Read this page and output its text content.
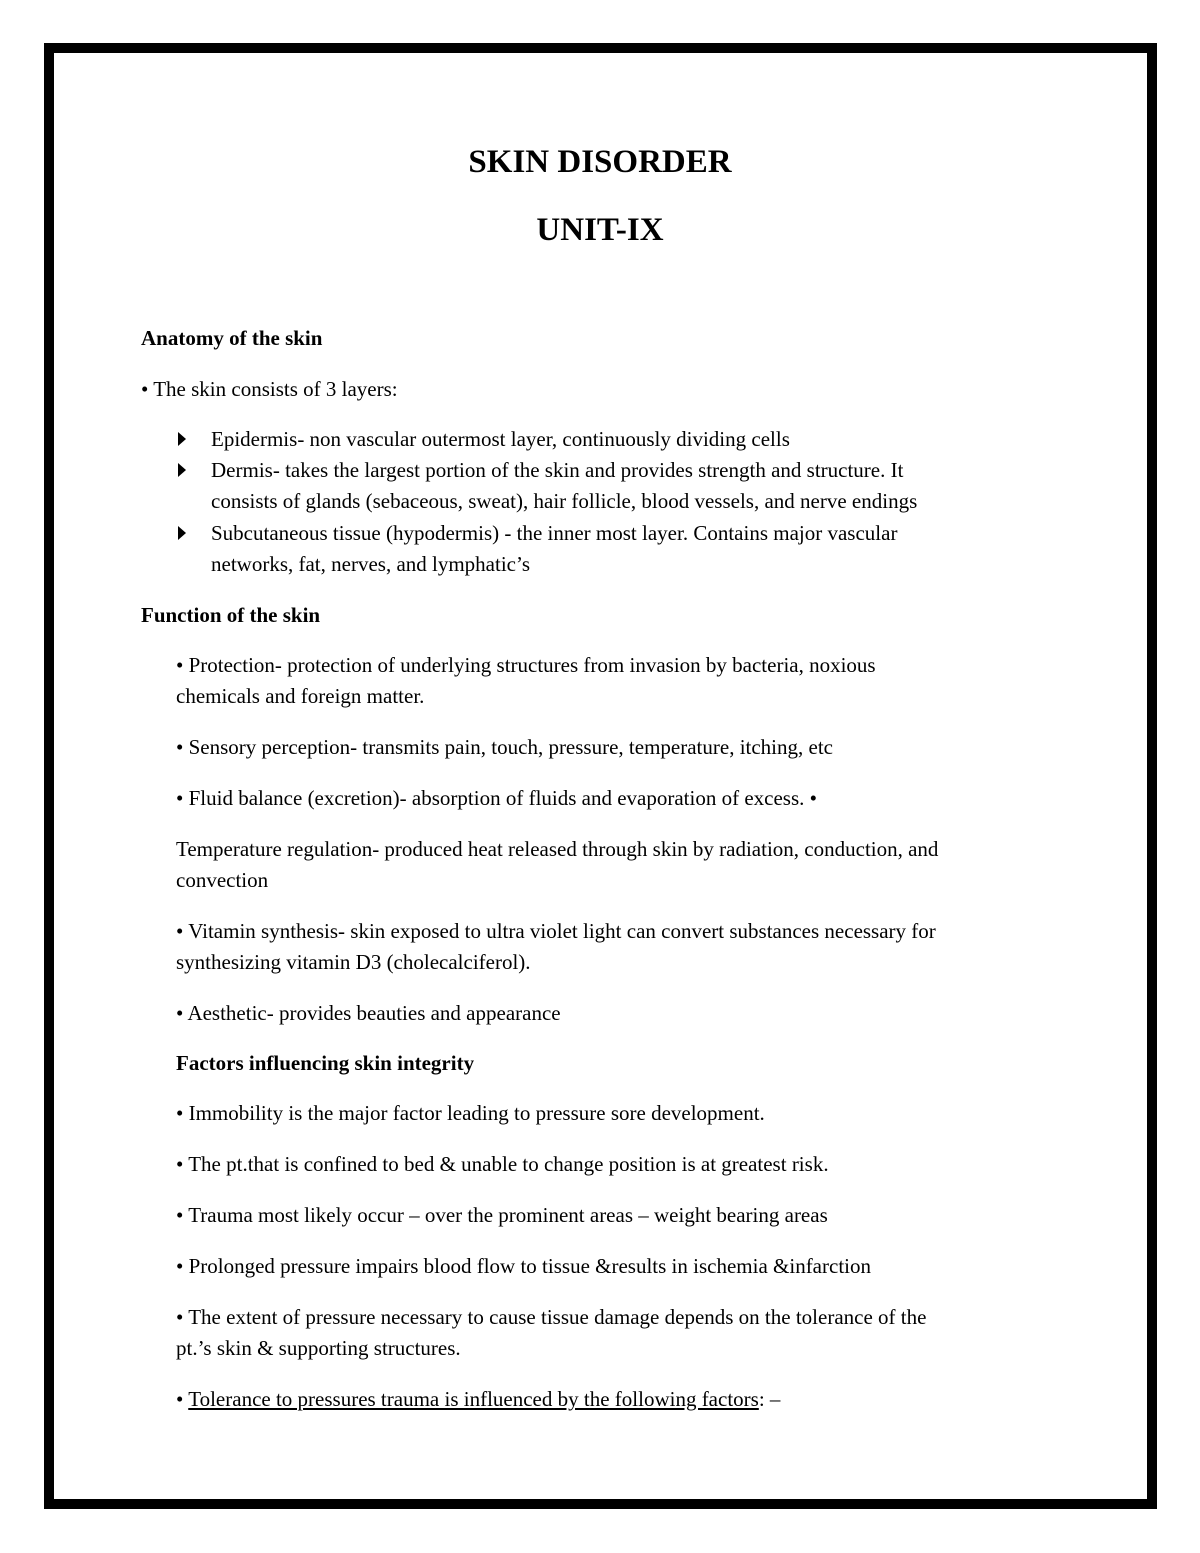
SKIN DISORDER

UNIT-IX

Anatomy of the skin

• The skin consists of 3 layers:

Epidermis- non vascular outermost layer, continuously dividing cells

Dermis- takes the largest portion of the skin and provides strength and structure. It

consists of glands (sebaceous, sweat), hair follicle, blood vessels, and nerve endings

Subcutaneous tissue (hypodermis) - the inner most layer. Contains major vascular

networks, fat, nerves, and lymphatic’s

Function of the skin

• Protection- protection of underlying structures from invasion by bacteria, noxious

chemicals and foreign matter.

• Sensory perception- transmits pain, touch, pressure, temperature, itching, etc

• Fluid balance (excretion)- absorption of fluids and evaporation of excess. •

Temperature regulation- produced heat released through skin by radiation, conduction, and

convection

• Vitamin synthesis- skin exposed to ultra violet light can convert substances necessary for

synthesizing vitamin D3 (cholecalciferol).

• Aesthetic- provides beauties and appearance

Factors influencing skin integrity

• Immobility is the major factor leading to pressure sore development.

• The pt.that is confined to bed & unable to change position is at greatest risk.

• Trauma most likely occur – over the prominent areas – weight bearing areas

• Prolonged pressure impairs blood flow to tissue &results in ischemia &infarction

• The extent of pressure necessary to cause tissue damage depends on the tolerance of the

pt.’s skin & supporting structures.

• Tolerance to pressures trauma is influenced by the following factors: –
